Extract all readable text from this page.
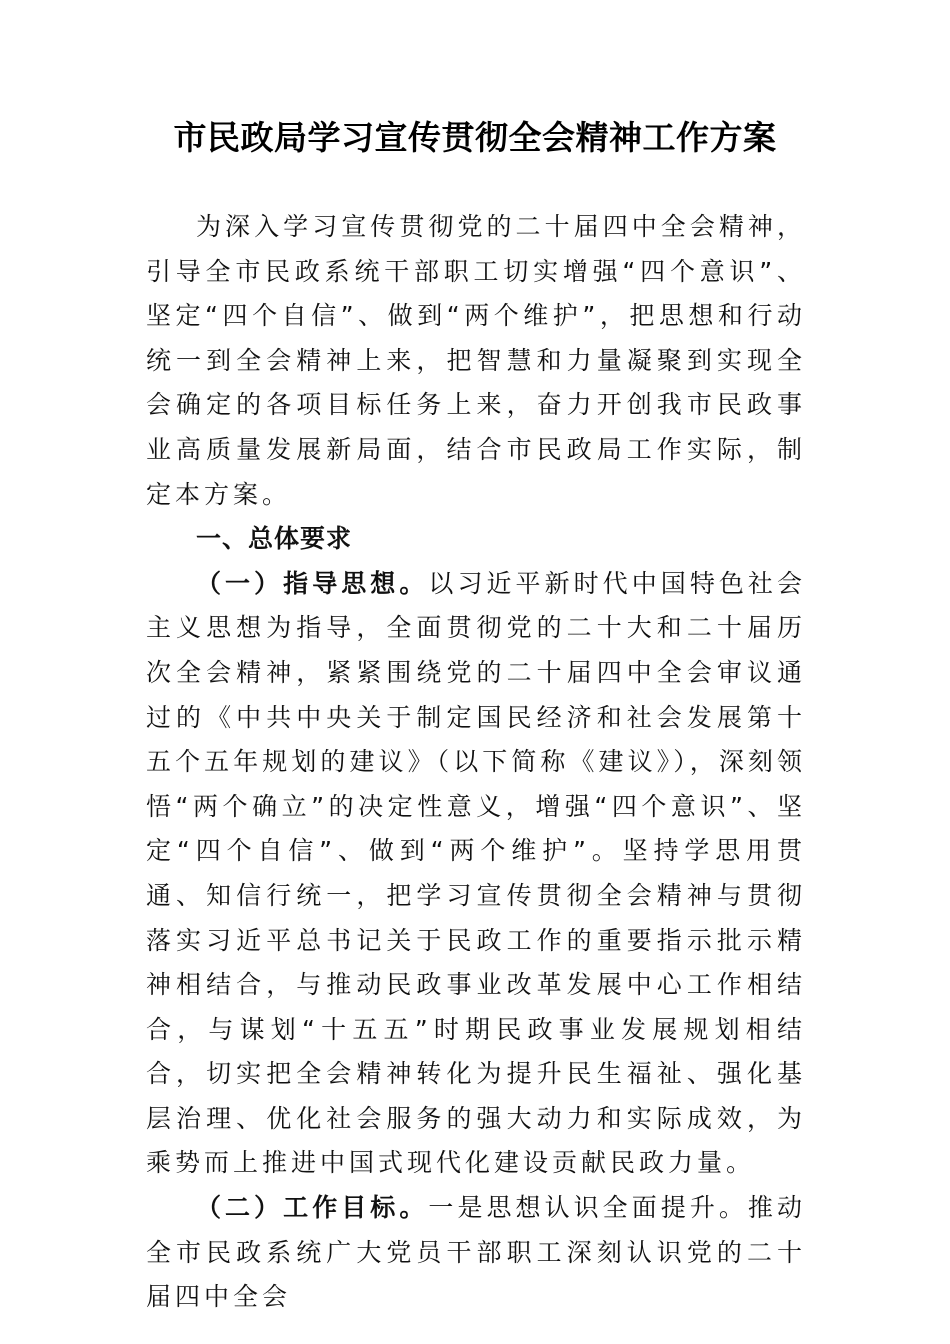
市民政局学习宣传贯彻全会精神工作方案

为深入学习宣传贯彻党的二十届四中全会精神，引导全市民政系统干部职工切实增强“四个意识”、坚定“四个自信”、做到“两个维护”，把思想和行动统一到全会精神上来，把智慧和力量凝聚到实现全会确定的各项目标任务上来，奋力开创我市民政事业高质量发展新局面，结合市民政局工作实际，制定本方案。

一、总体要求

（一）指导思想。以习近平新时代中国特色社会主义思想为指导，全面贯彻党的二十大和二十届历次全会精神，紧紧围绕党的二十届四中全会审议通过的《中共中央关于制定国民经济和社会发展第十五个五年规划的建议》（以下简称《建议》），深刻领悟“两个确立”的决定性意义，增强“四个意识”、坚定“四个自信”、做到“两个维护”。坚持学思用贯通、知信行统一，把学习宣传贯彻全会精神与贯彻落实习近平总书记关于民政工作的重要指示批示精神相结合，与推动民政事业改革发展中心工作相结合，与谋划“十五五”时期民政事业发展规划相结合，切实把全会精神转化为提升民生福祉、强化基层治理、优化社会服务的强大动力和实际成效，为乘势而上推进中国式现代化建设贡献民政力量。

（二）工作目标。一是思想认识全面提升。推动全市民政系统广大党员干部职工深刻认识党的二十届四中全会
